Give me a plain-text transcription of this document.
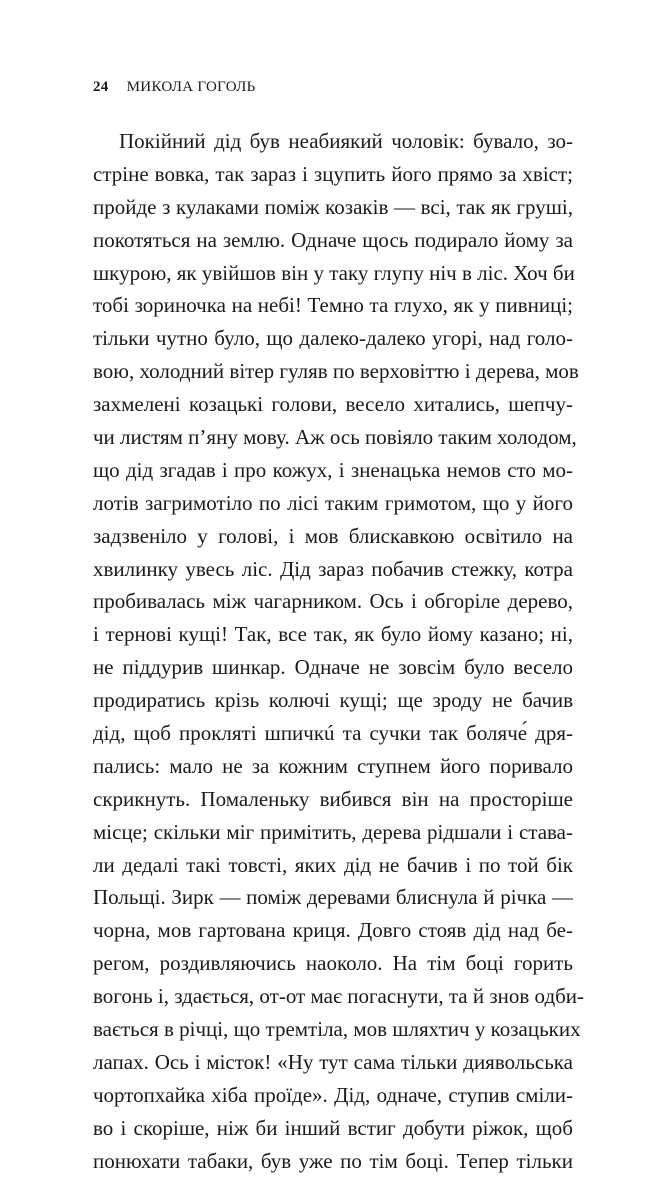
24 МИКОЛА ГОГОЛЬ
Покійний дід був неабиякий чоловік: бувало, зо-
стріне вовка, так зараз і зцупить його прямо за хвіст;
пройде з кулаками поміж козаків — всі, так як груші,
покотяться на землю. Одначе щось подирало йому за
шкурою, як увійшов він у таку глупу ніч в ліс. Хоч би
тобі зориночка на небі! Темно та глухо, як у пивниці;
тільки чутно було, що далеко-далеко угорі, над голо-
вою, холодний вітер гуляв по верховіттю і дерева, мов
захмелені козацькі голови, весело хитались, шепчу-
чи листям п’яну мову. Аж ось повіяло таким холодом,
що дід згадав і про кожух, і зненацька немов сто мо-
лотів загримотіло по лісі таким гримотом, що у його
задзвеніло у голові, і мов блискавкою освітило на
хвилинку увесь ліс. Дід зараз побачив стежку, котра
пробивалась між чагарником. Ось і обгоріле дерево,
і тернові кущі! Так, все так, як було йому казано; ні,
не піддурив шинкар. Одначе не зовсім було весело
продиратись крізь колючі кущі; ще зроду не бачив
дід, щоб прокляті шпичкú та сучки так боляче́ дря-
пались: мало не за кожним ступнем його поривало
скрикнуть. Помаленьку вибився він на просторіше
місце; скільки міг примітить, дерева рідшали і става-
ли дедалі такі товсті, яких дід не бачив і по той бік
Польщі. Зирк — поміж деревами блиснула й річка —
чорна, мов гартована криця. Довго стояв дід над бе-
регом, роздивляючись наоколо. На тім боці горить
вогонь і, здається, от-от має погаснути, та й знов одби-
вається в річці, що тремтіла, мов шляхтич у козацьких
лапах. Ось і місток! «Ну тут сама тільки диявольська
чортопхайка хіба проїде». Дід, одначе, ступив сміли-
во і скоріше, ніж би інший встиг добути ріжок, щоб
понюхати табаки, був уже по тім боці. Тепер тільки
